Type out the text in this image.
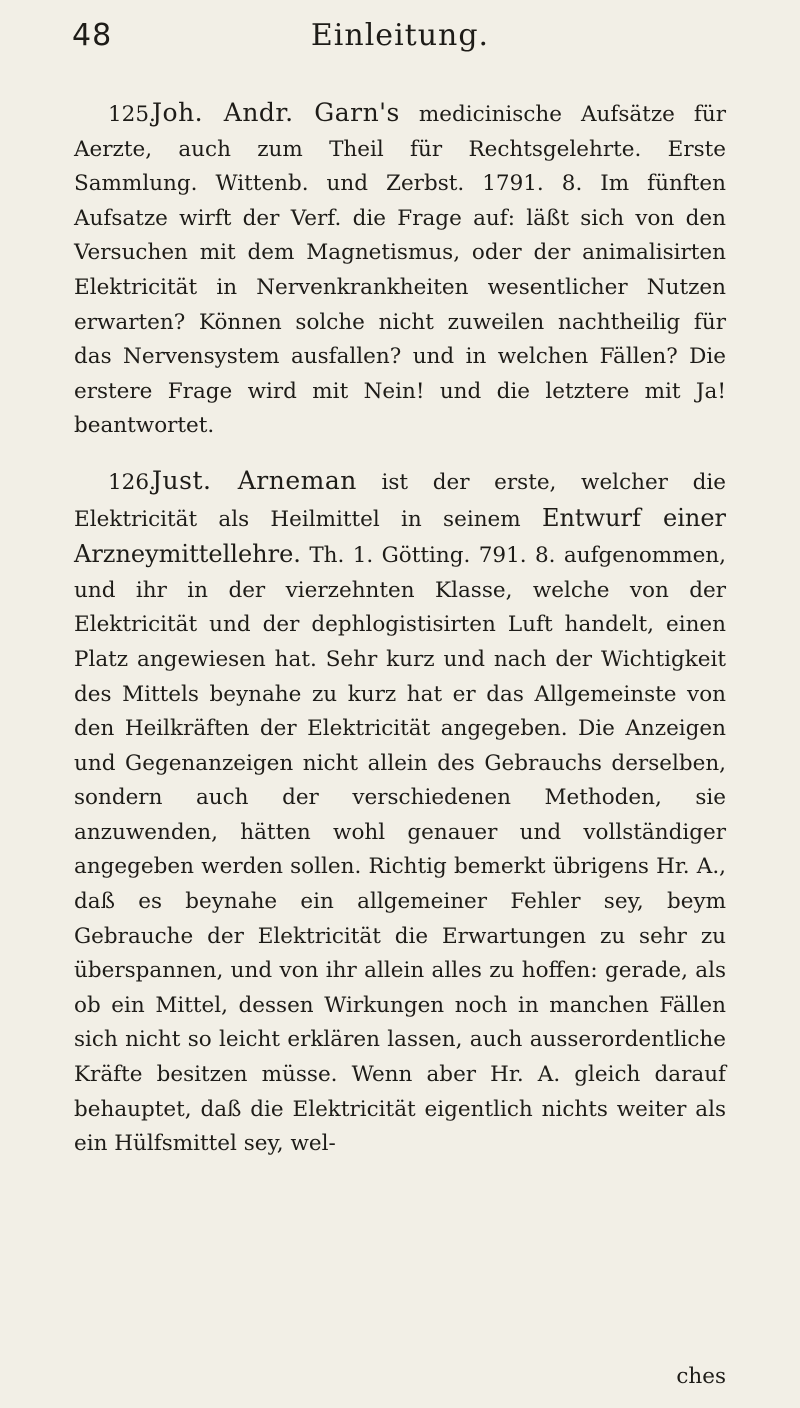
48	Einleitung.

125.Joh. Andr. Garn's medicinische Aufsätze für Aerzte, auch zum Theil für Rechtsgelehrte. Erste Sammlung. Wittenb. und Zerbst. 1791. 8. Im fünften Aufsatze wirft der Verf. die Frage auf: läßt sich von den Versuchen mit dem Magnetismus, oder der animalisirten Elektricität in Nervenkrankheiten wesentlicher Nutzen erwarten? Können solche nicht zuweilen nachtheilig für das Nervensystem ausfallen? und in welchen Fällen? Die erstere Frage wird mit Nein! und die letztere mit Ja! beantwortet.

126.Just. Arneman ist der erste, welcher die Elektricität als Heilmittel in seinem Entwurf einer Arzneymittellehre. Th. 1. Götting. 791. 8. aufgenommen, und ihr in der vierzehnten Klasse, welche von der Elektricität und der dephlogistisirten Luft handelt, einen Platz angewiesen hat. Sehr kurz und nach der Wichtigkeit des Mittels beynahe zu kurz hat er das Allgemeinste von den Heilkräften der Elektricität angegeben. Die Anzeigen und Gegenanzeigen nicht allein des Gebrauchs derselben, sondern auch der verschiedenen Methoden, sie anzuwenden, hätten wohl genauer und vollständiger angegeben werden sollen. Richtig bemerkt übrigens Hr. A., daß es beynahe ein allgemeiner Fehler sey, beym Gebrauche der Elektricität die Erwartungen zu sehr zu überspannen, und von ihr allein alles zu hoffen: gerade, als ob ein Mittel, dessen Wirkungen noch in manchen Fällen sich nicht so leicht erklären lassen, auch ausserordentliche Kräfte besitzen müsse. Wenn aber Hr. A. gleich darauf behauptet, daß die Elektricität eigentlich nichts weiter als ein Hülfsmittel sey, wel-

ches
